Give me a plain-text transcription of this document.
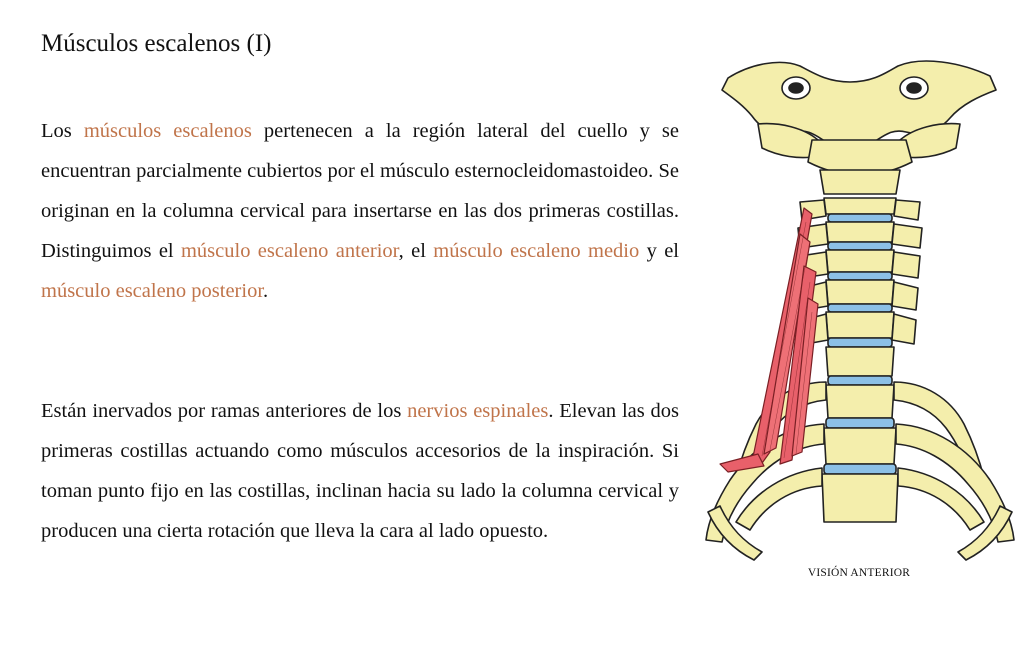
Músculos escalenos (I)

Los músculos escalenos pertenecen a la región lateral del cuello y se encuentran parcialmente cubiertos por el músculo esternocleidomastoideo. Se originan en la columna cervical para insertarse en las dos primeras costillas. Distinguimos el músculo escaleno anterior, el músculo escaleno medio y el músculo escaleno posterior.

Están inervados por ramas anteriores de los nervios espinales. Elevan las dos primeras costillas actuando como músculos accesorios de la inspiración. Si toman punto fijo en las costillas, inclinan hacia su lado la columna cervical y producen una cierta rotación que lleva la cara al lado opuesto.

VISIÓN ANTERIOR
